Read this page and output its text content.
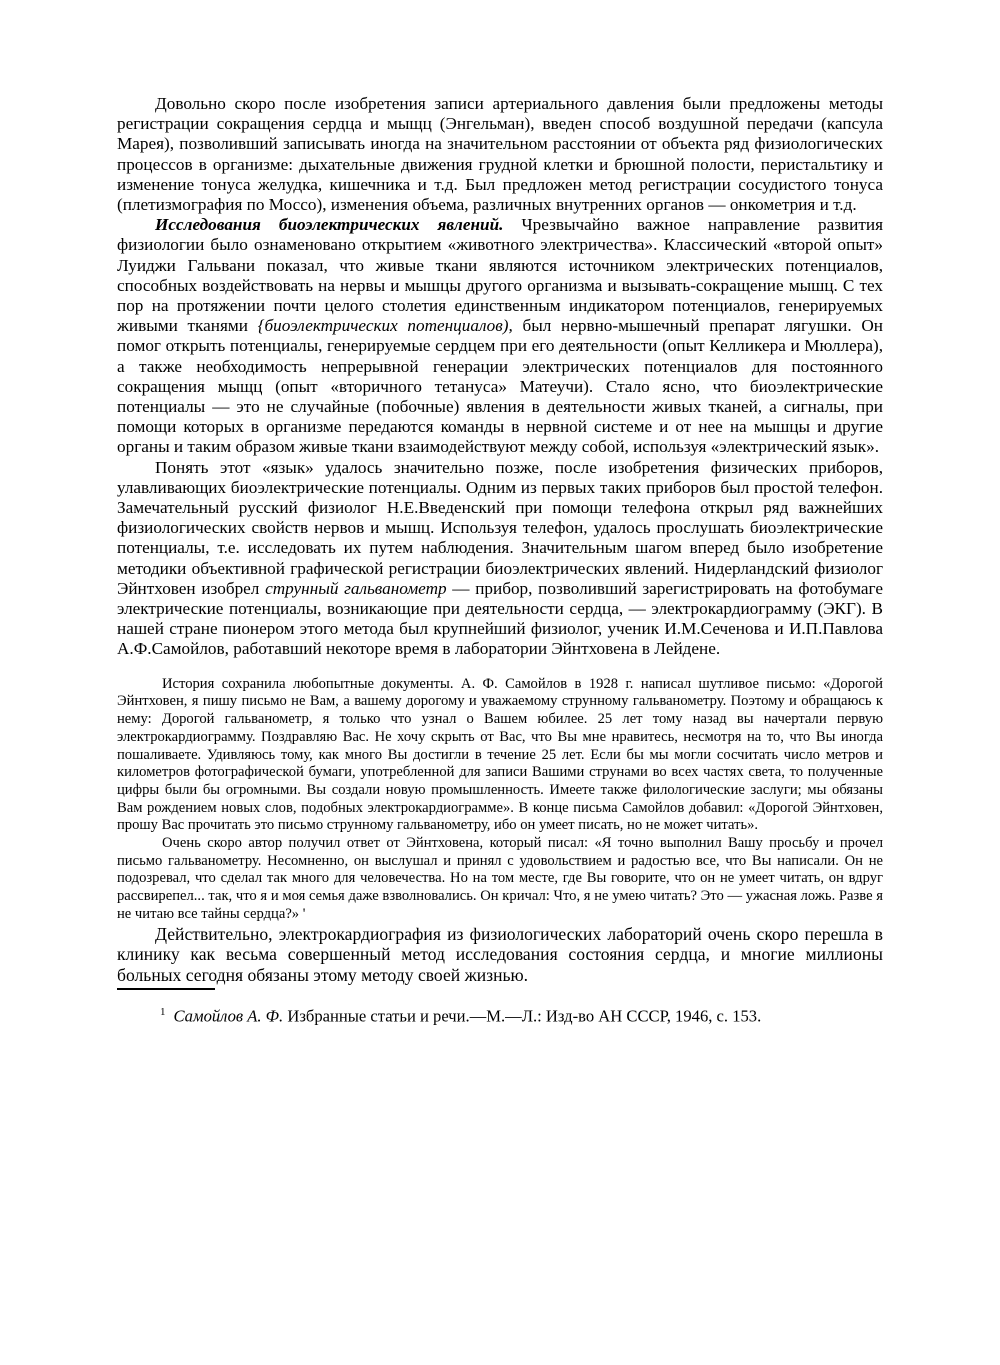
Довольно скоро после изобретения записи артериального давления были предложены методы регистрации сокращения сердца и мыщц (Энгельман), введен способ воздушной передачи (капсула Марея), позволивший записывать иногда на значительном расстоянии от объекта ряд физиологических процессов в организме: дыхательные движения грудной клетки и брюшной полости, перистальтику и изменение тонуса желудка, кишечника и т.д. Был предложен метод регистрации сосудистого тонуса (плетизмография по Моссо), изменения объема, различных внутренних органов — онкометрия и т.д.

Исследования биоэлектрических явлений. Чрезвычайно важное направление развития физиологии было ознаменовано открытием «животного электричества». Классический «второй опыт» Луиджи Гальвани показал, что живые ткани являются источником электрических потенциалов, способных воздействовать на нервы и мышцы другого организма и вызывать-сокращение мышц. С тех пор на протяжении почти целого столетия единственным индикатором потенциалов, генерируемых живыми тканями {биоэлектрических потенциалов), был нервно-мышечный препарат лягушки. Он помог открыть потенциалы, генерируемые сердцем при его деятельности (опыт Келликера и Мюллера), а также необходимость непрерывной генерации электрических потенциалов для постоянного сокращения мыщц (опыт «вторичного тетануса» Матеучи). Стало ясно, что биоэлектрические потенциалы — это не случайные (побочные) явления в деятельности живых тканей, а сигналы, при помощи которых в организме передаются команды в нервной системе и от нее на мышцы и другие органы и таким образом живые ткани взаимодействуют между собой, используя «электрический язык».

Понять этот «язык» удалось значительно позже, после изобретения физических приборов, улавливающих биоэлектрические потенциалы. Одним из первых таких приборов был простой телефон. Замечательный русский физиолог Н.Е.Введенский при помощи телефона открыл ряд важнейших физиологических свойств нервов и мышц. Используя телефон, удалось прослушать биоэлектрические потенциалы, т.е. исследовать их путем наблюдения. Значительным шагом вперед было изобретение методики объективной графической регистрации биоэлектрических явлений. Нидерландский физиолог Эйнтховен изобрел струнный гальванометр — прибор, позволивший зарегистрировать на фотобумаге электрические потенциалы, возникающие при деятельности сердца, — электрокардиограмму (ЭКГ). В нашей стране пионером этого метода был крупнейший физиолог, ученик И.М.Сеченова и И.П.Павлова А.Ф.Самойлов, работавший некоторе время в лаборатории Эйнтховена в Лейдене.

История сохранила любопытные документы. А. Ф. Самойлов в 1928 г. написал шутливое письмо: «Дорогой Эйнтховен, я пишу письмо не Вам, а вашему дорогому и уважаемому струнному гальванометру. Поэтому и обращаюсь к нему: Дорогой гальванометр, я только что узнал о Вашем юбилее. 25 лет тому назад вы начертали первую электрокардиограмму. Поздравляю Вас. Не хочу скрыть от Вас, что Вы мне нравитесь, несмотря на то, что Вы иногда пошаливаете. Удивляюсь тому, как много Вы достигли в течение 25 лет. Если бы мы могли сосчитать число метров и километров фотографической бумаги, употребленной для записи Вашими струнами во всех частях света, то полученные цифры были бы огромными. Вы создали новую промышленность. Имеете также филологические заслуги; мы обязаны Вам рождением новых слов, подобных электрокардиограмме». В конце письма Самойлов добавил: «Дорогой Эйнтховен, прошу Вас прочитать это письмо струнному гальванометру, ибо он умеет писать, но не может читать».

Очень скоро автор получил ответ от Эйнтховена, который писал: «Я точно выполнил Вашу просьбу и прочел письмо гальванометру. Несомненно, он выслушал и принял с удовольствием и радостью все, что Вы написали. Он не подозревал, что сделал так много для человечества. Но на том месте, где Вы говорите, что он не умеет читать, он вдруг рассвирепел... так, что я и моя семья даже взволновались. Он кричал: Что, я не умею читать? Это — ужасная ложь. Разве я не читаю все тайны сердца?» '

Действительно, электрокардиография из физиологических лабораторий очень скоро перешла в клинику как весьма совершенный метод исследования состояния сердца, и многие миллионы больных сегодня обязаны этому методу своей жизнью.

$^1$ Самойлов А. Ф. Избранные статьи и речи.—М.—Л.: Изд-во АН СССР, 1946, с. 153.
